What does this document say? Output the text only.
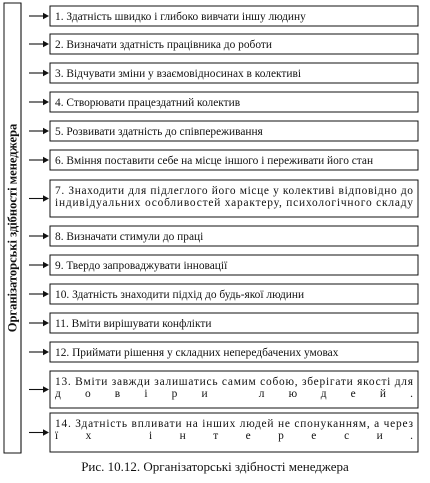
Організаторські здібності менеджера
1. Здатність швидко і глибоко вивчати іншу людину
2. Визначати здатність працівника до роботи
3. Відчувати зміни у взаємовідносинах в колективі
4. Створювати працездатний колектив
5. Розвивати здатність до співпереживання
6. Вміння поставити себе на місце іншого і переживати його стан
7. Знаходити для підлеглого його місце у колективі відповідно до
індивідуальних особливостей характеру, психологічного складу
8. Визначати стимули до праці
9. Твердо запроваджувати інновації
10. Здатність знаходити підхід до будь-якої людини
11. Вміти вирішувати конфлікти
12. Приймати рішення у складних непередбачених умовах
13. Вміти завжди залишатись самим собою, зберігати якості для
довіри людей.
14. Здатність впливати на інших людей не спонуканням, а через
їх інтереси.
Рис. 10.12. Організаторські здібності менеджера
